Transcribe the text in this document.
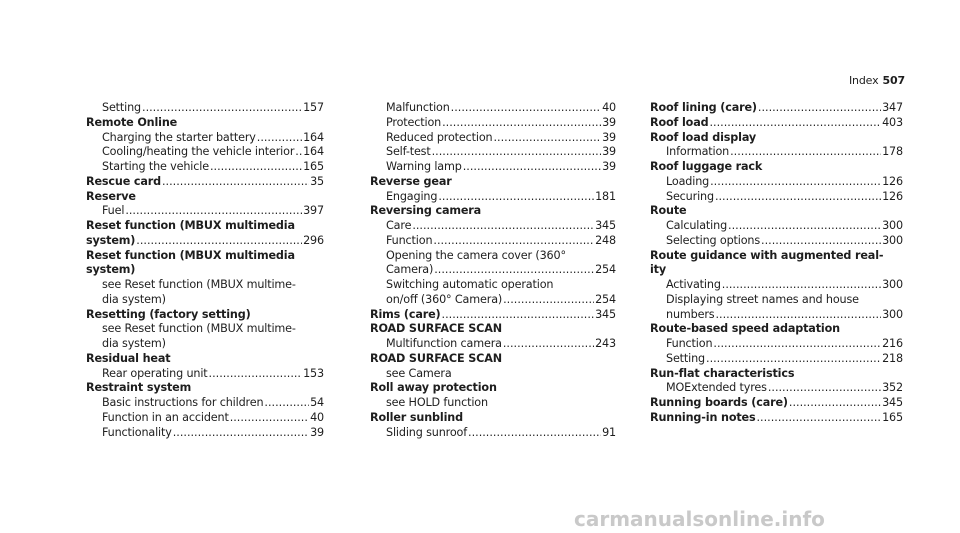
Index 507
Setting .....	157
Remote Online
Charging the starter battery .....	164
Cooling/heating the vehicle interior ..... 164
Starting the vehicle .....	165
Rescue card .....	35
Reserve
Fuel .....	397
Reset function (MBUX multimedia
system) .....	296
Reset function (MBUX multimedia
system)
see Reset function (MBUX multime-
dia system)
Resetting (factory setting)
see Reset function (MBUX multime-
dia system)
Residual heat
Rear operating unit .....	153
Restraint system
Basic instructions for children .....	54
Function in an accident .....	40
Functionality .....	39
Malfunction .....	40
Protection .....	39
Reduced protection .....	39
Self-test .....	39
Warning lamp .....	39
Reverse gear
Engaging .....	181
Reversing camera
Care .....	345
Function .....	248
Opening the camera cover (360°
Camera) .....	254
Switching automatic operation
on/off (360° Camera) .....	254
Rims (care) .....	345
ROAD SURFACE SCAN
Multifunction camera .....	243
ROAD SURFACE SCAN
see Camera
Roll away protection
see HOLD function
Roller sunblind
Sliding sunroof .....	91
Roof lining (care) .....	347
Roof load .....	403
Roof load display
Information .....	178
Roof luggage rack
Loading .....	126
Securing .....	126
Route
Calculating .....	300
Selecting options .....	300
Route guidance with augmented real-
ity
Activating .....	300
Displaying street names and house
numbers .....	300
Route-based speed adaptation
Function .....	216
Setting .....	218
Run-flat characteristics
MOExtended tyres .....	352
Running boards (care) .....	345
Running-in notes .....	165
carmanualsonline.info
